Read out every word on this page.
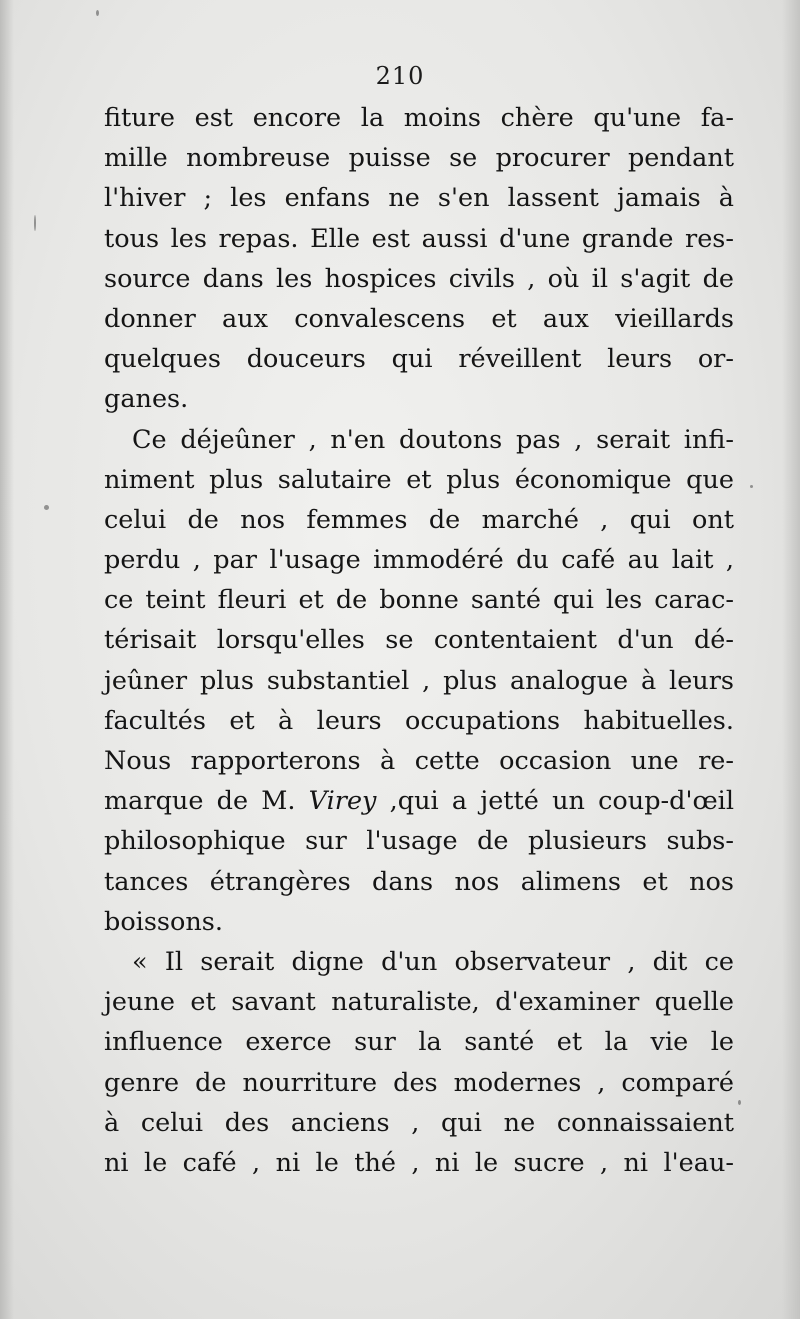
210
fiture est encore la moins chère qu'une fa-
mille nombreuse puisse se procurer pendant
l'hiver ; les enfans ne s'en lassent jamais à
tous les repas. Elle est aussi d'une grande res-
source dans les hospices civils , où il s'agit de
donner aux convalescens et aux vieillards
quelques douceurs qui réveillent leurs or-
ganes.
Ce déjeûner , n'en doutons pas , serait infi-
niment plus salutaire et plus économique que
celui de nos femmes de marché , qui ont
perdu , par l'usage immodéré du café au lait ,
ce teint fleuri et de bonne santé qui les carac-
térisait lorsqu'elles se contentaient d'un dé-
jeûner plus substantiel , plus analogue à leurs
facultés et à leurs occupations habituelles.
Nous rapporterons à cette occasion une re-
marque de M. Virey ,qui a jetté un coup-d'œil
philosophique sur l'usage de plusieurs subs-
tances étrangères dans nos alimens et nos
boissons.
« Il serait digne d'un observateur , dit ce
jeune et savant naturaliste, d'examiner quelle
influence exerce sur la santé et la vie le
genre de nourriture des modernes , comparé
à celui des anciens , qui ne connaissaient
ni le café , ni le thé , ni le sucre , ni l'eau-
